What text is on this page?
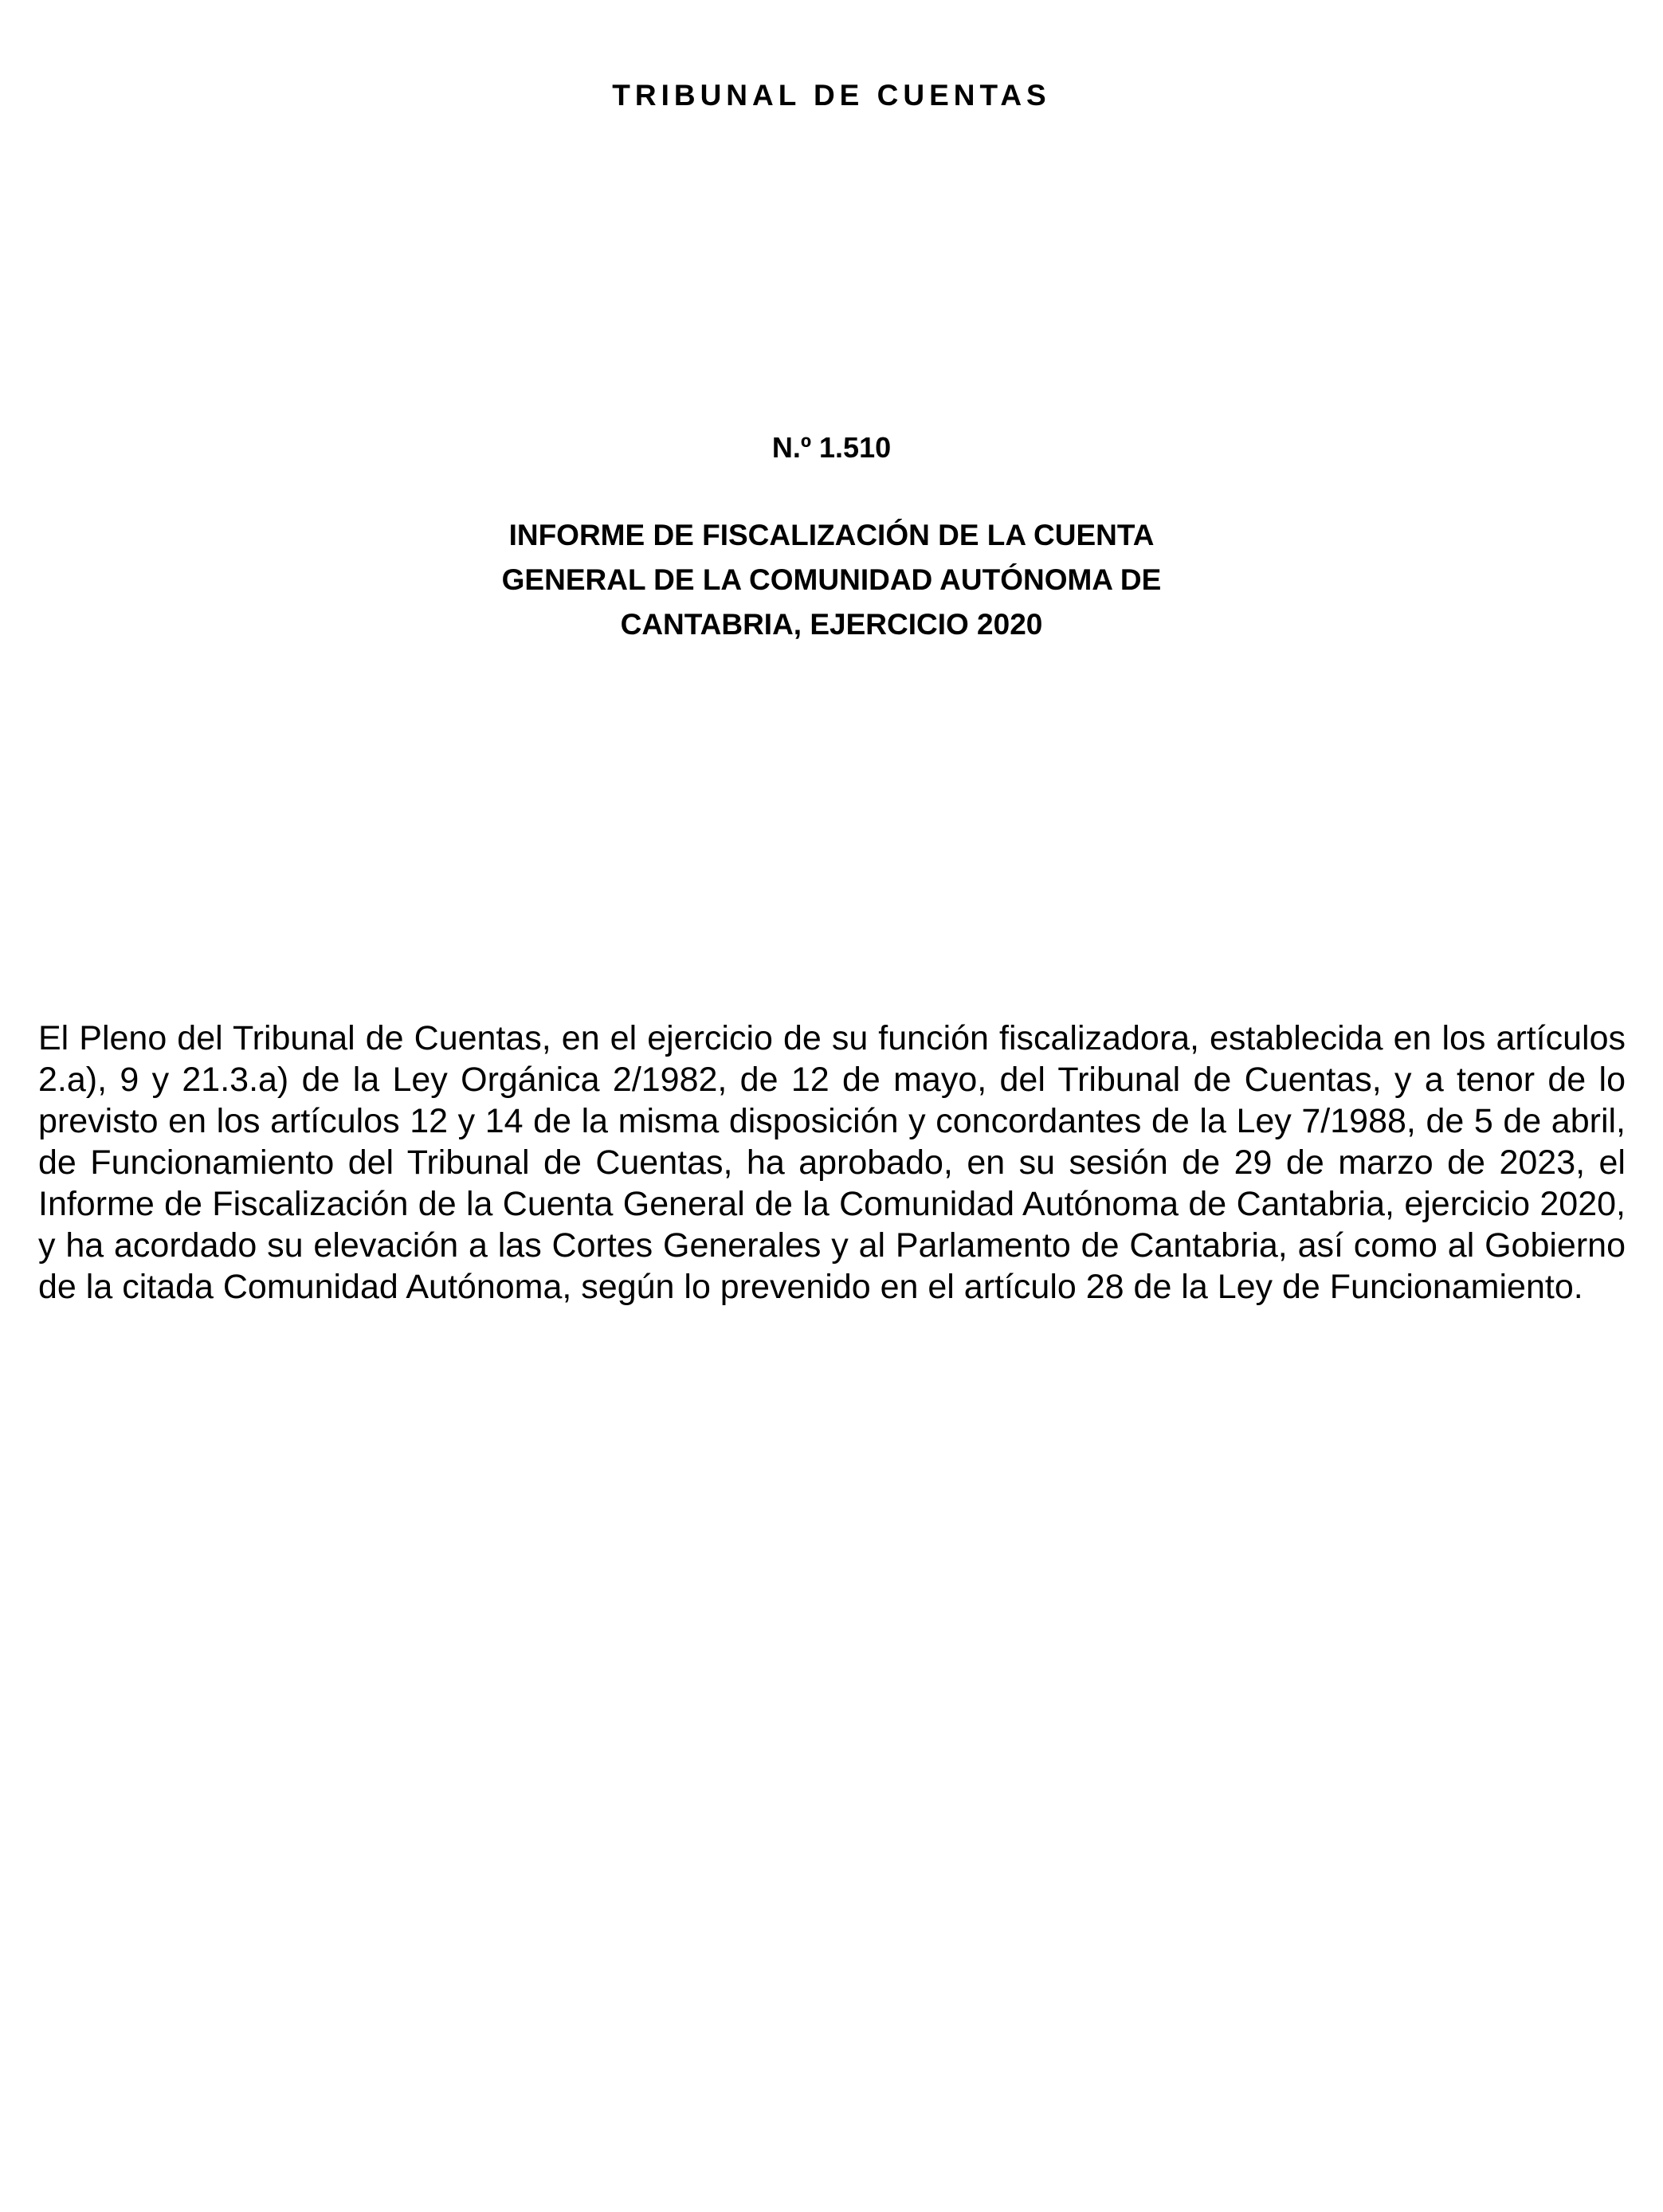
TRIBUNAL DE CUENTAS
N.º 1.510
INFORME DE FISCALIZACIÓN DE LA CUENTA
GENERAL DE LA COMUNIDAD AUTÓNOMA DE
CANTABRIA, EJERCICIO 2020

El Pleno del Tribunal de Cuentas, en el ejercicio de su función fiscalizadora, establecida en los artículos 2.a), 9 y 21.3.a) de la Ley Orgánica 2/1982, de 12 de mayo, del Tribunal de Cuentas, y a tenor de lo previsto en los artículos 12 y 14 de la misma disposición y concordantes de la Ley 7/1988, de 5 de abril, de Funcionamiento del Tribunal de Cuentas, ha aprobado, en su sesión de 29 de marzo de 2023, el Informe de Fiscalización de la Cuenta General de la Comunidad Autónoma de Cantabria, ejercicio 2020, y ha acordado su elevación a las Cortes Generales y al Parlamento de Cantabria, así como al Gobierno de la citada Comunidad Autónoma, según lo prevenido en el artículo 28 de la Ley de Funcionamiento.
